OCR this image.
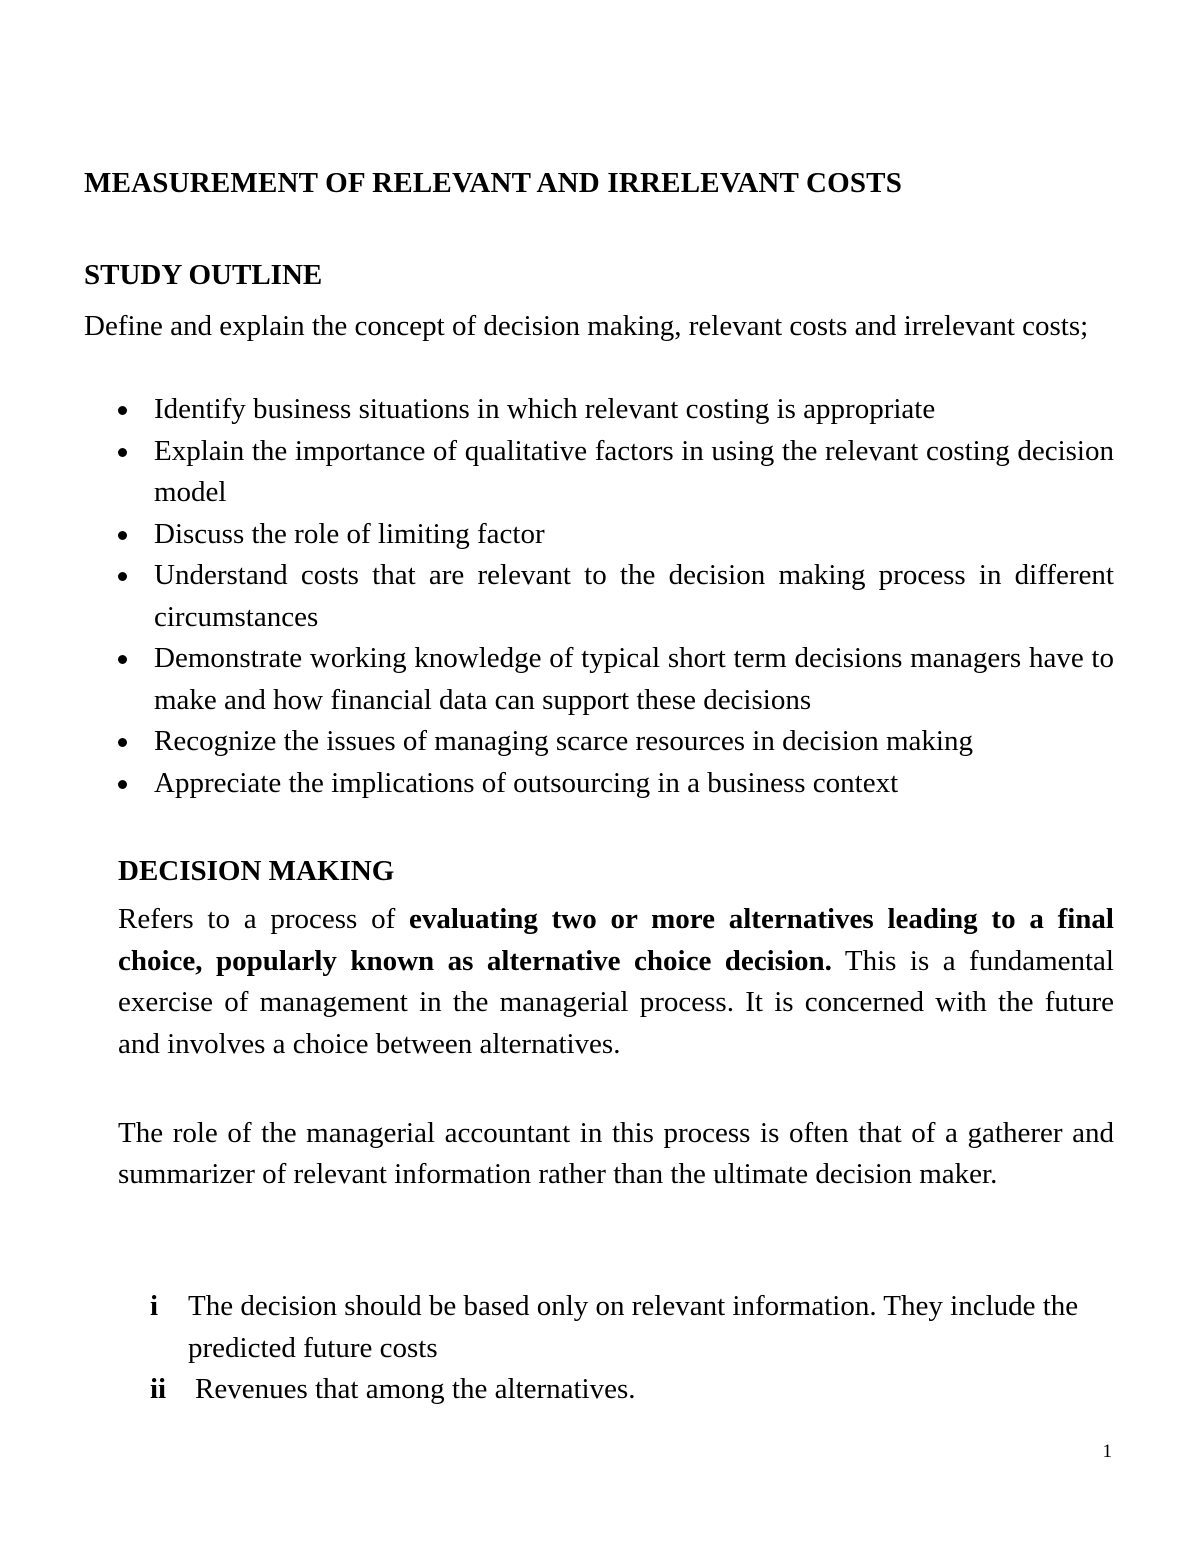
MEASUREMENT OF RELEVANT AND IRRELEVANT COSTS
STUDY OUTLINE
Define and explain the concept of decision making, relevant costs and irrelevant costs;
Identify business situations in which relevant costing is appropriate
Explain the importance of qualitative factors in using the relevant costing decision model
Discuss the role of limiting factor
Understand costs that are relevant to the decision making process in different circumstances
Demonstrate working knowledge of typical short term decisions managers have to make and how financial data can support these decisions
Recognize the issues of managing scarce resources in decision making
Appreciate the implications of outsourcing in a business context
DECISION MAKING

Refers to a process of evaluating two or more alternatives leading to a final choice, popularly known as alternative choice decision. This is a fundamental exercise of management in the managerial process. It is concerned with the future and involves a choice between alternatives.

The role of the managerial accountant in this process is often that of a gatherer and summarizer of relevant information rather than the ultimate decision maker.

i The decision should be based only on relevant information. They include the predicted future costs
ii Revenues that among the alternatives.
1
